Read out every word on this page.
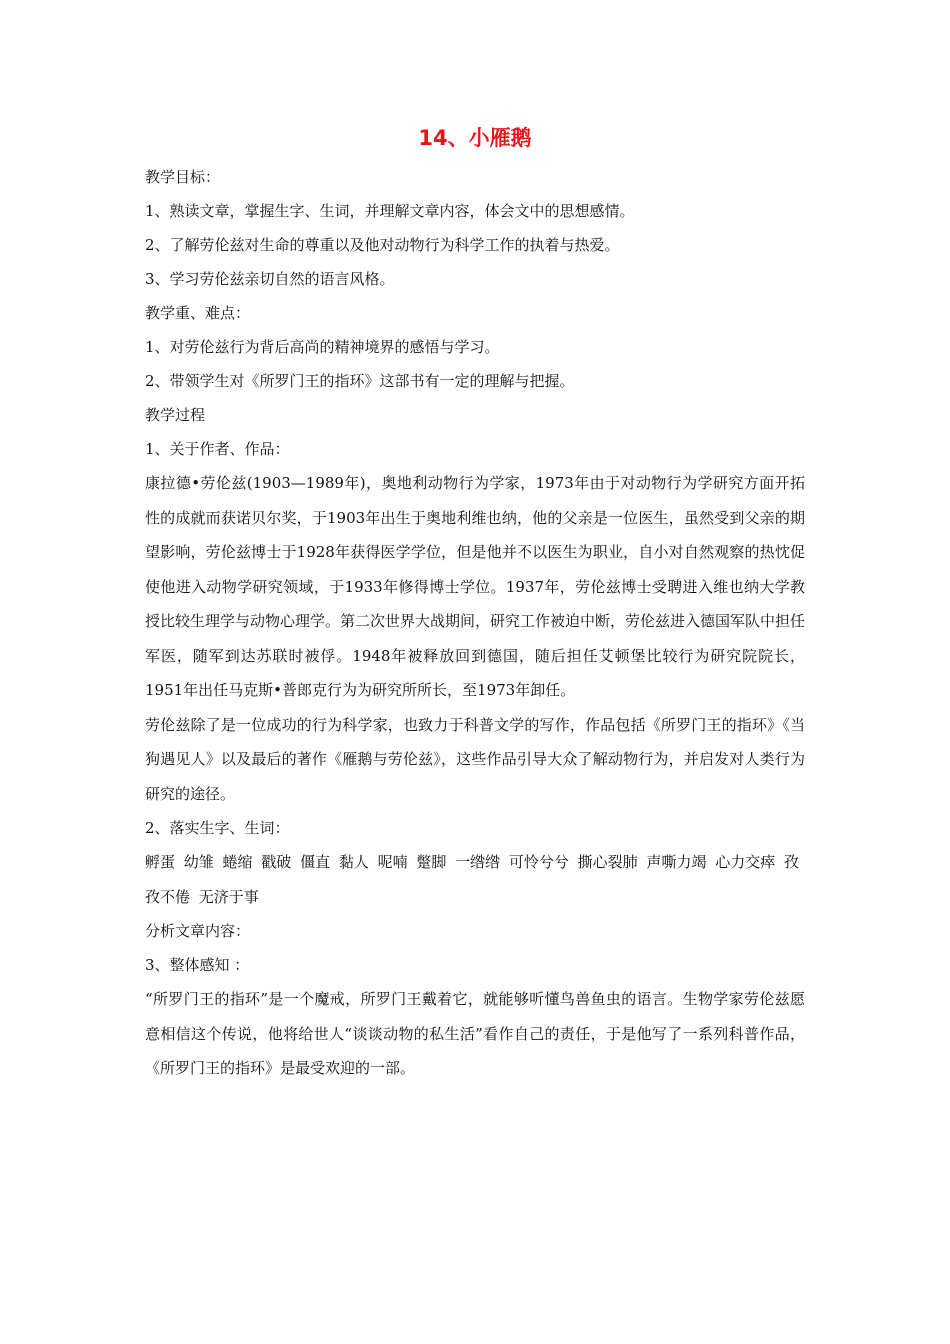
14、小雁鹅

教学目标：

1、熟读文章，掌握生字、生词，并理解文章内容，体会文中的思想感情。

2、了解劳伦兹对生命的尊重以及他对动物行为科学工作的执着与热爱。

3、学习劳伦兹亲切自然的语言风格。

教学重、难点：

1、对劳伦兹行为背后高尚的精神境界的感悟与学习。

2、带领学生对《所罗门王的指环》这部书有一定的理解与把握。

教学过程

1、关于作者、作品：

康拉德•劳伦兹(1903—1989年)，奥地利动物行为学家，1973年由于对动物行为学研究方面开拓性的成就而获诺贝尔奖，于1903年出生于奥地利维也纳，他的父亲是一位医生，虽然受到父亲的期望影响，劳伦兹博士于1928年获得医学学位，但是他并不以医生为职业，自小对自然观察的热忱促使他进入动物学研究领域，于1933年修得博士学位。1937年，劳伦兹博士受聘进入维也纳大学教授比较生理学与动物心理学。第二次世界大战期间，研究工作被迫中断，劳伦兹进入德国军队中担任军医，随军到达苏联时被俘。1948年被释放回到德国，随后担任艾顿堡比较行为研究院院长，1951年出任马克斯•普郎克行为为研究所所长，至1973年卸任。

劳伦兹除了是一位成功的行为科学家，也致力于科普文学的写作，作品包括《所罗门王的指环》《当狗遇见人》以及最后的著作《雁鹅与劳伦兹》，这些作品引导大众了解动物行为，并启发对人类行为研究的途径。

2、落实生字、生词：

孵蛋 幼雏 蜷缩 戳破 僵直 黏人 呢喃 蹩脚 一绺绺 可怜兮兮 撕心裂肺 声嘶力竭 心力交瘁 孜孜不倦 无济于事

分析文章内容：

3、整体感知 ：

“所罗门王的指环”是一个魔戒，所罗门王戴着它，就能够听懂鸟兽鱼虫的语言。生物学家劳伦兹愿意相信这个传说，他将给世人“谈谈动物的私生活”看作自己的责任，于是他写了一系列科普作品，《所罗门王的指环》是最受欢迎的一部。
